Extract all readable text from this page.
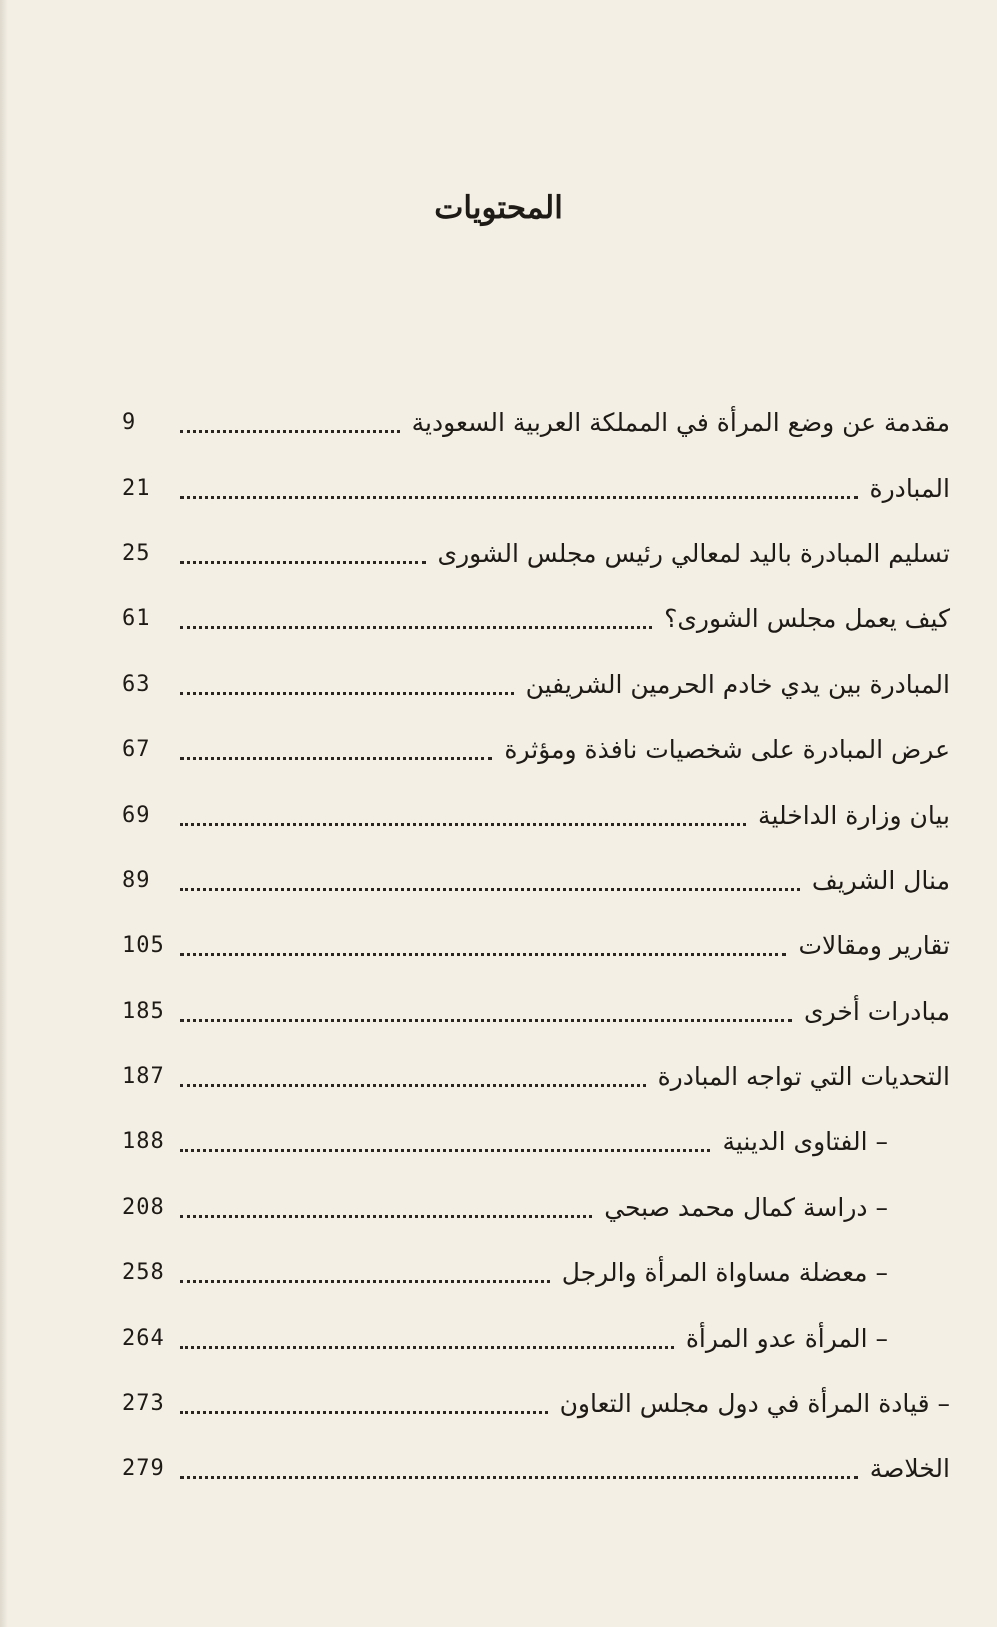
المحتويات
مقدمة عن وضع المرأة في المملكة العربية السعودية
9
المبادرة
21
تسليم المبادرة باليد لمعالي رئيس مجلس الشورى
25
كيف يعمل مجلس الشورى؟
61
المبادرة بين يدي خادم الحرمين الشريفين
63
عرض المبادرة على شخصيات نافذة ومؤثرة
67
بيان وزارة الداخلية
69
منال الشريف
89
تقارير ومقالات
105
مبادرات أخرى
185
التحديات التي تواجه المبادرة
187
– الفتاوى الدينية
188
– دراسة كمال محمد صبحي
208
– معضلة مساواة المرأة والرجل
258
– المرأة عدو المرأة
264
– قيادة المرأة في دول مجلس التعاون
273
الخلاصة
279
